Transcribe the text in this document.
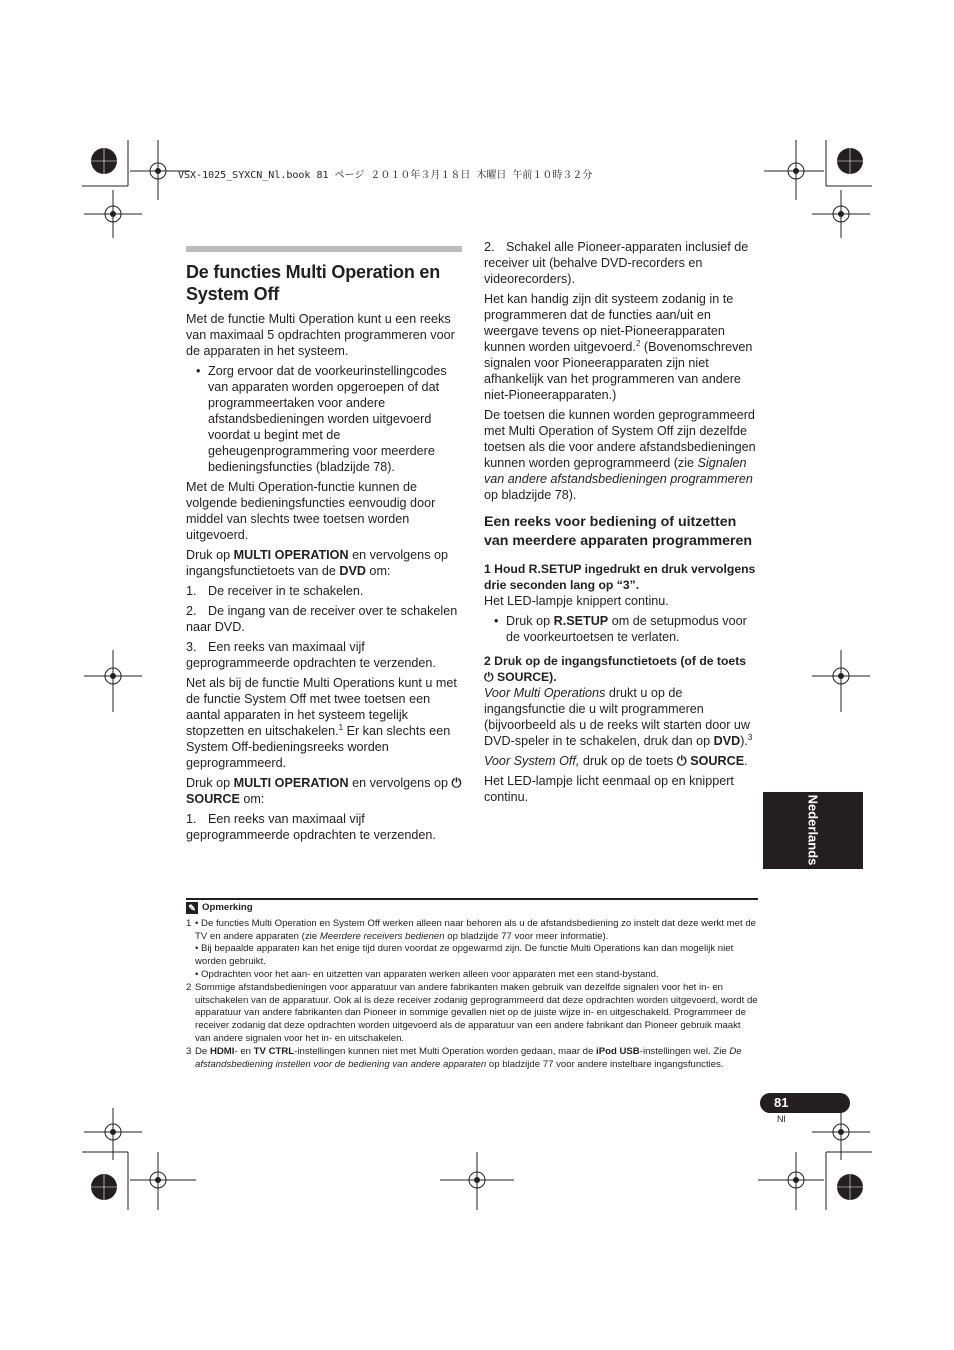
VSX-1025_SYXCN_Nl.book 81 ページ ２０１０年３月１８日 木曜日 午前１０時３２分
De functies Multi Operation en System Off

Met de functie Multi Operation kunt u een reeks van maximaal 5 opdrachten programmeren voor de apparaten in het systeem.

• Zorg ervoor dat de voorkeurinstellingcodes van apparaten worden opgeroepen of dat programmeertaken voor andere afstandsbedieningen worden uitgevoerd voordat u begint met de geheugenprogrammering voor meerdere bedieningsfuncties (bladzijde 78).

Met de Multi Operation-functie kunnen de volgende bedieningsfuncties eenvoudig door middel van slechts twee toetsen worden uitgevoerd.

Druk op MULTI OPERATION en vervolgens op ingangsfunctietoets van de DVD om:

1. De receiver in te schakelen.
2. De ingang van de receiver over te schakelen naar DVD.
3. Een reeks van maximaal vijf geprogrammeerde opdrachten te verzenden.

Net als bij de functie Multi Operations kunt u met de functie System Off met twee toetsen een aantal apparaten in het systeem tegelijk stopzetten en uitschakelen.$^1$ Er kan slechts een System Off-bedieningsreeks worden geprogrammeerd.

Druk op MULTI OPERATION en vervolgens op ⏻ SOURCE om:

1. Een reeks van maximaal vijf geprogrammeerde opdrachten te verzenden.
2. Schakel alle Pioneer-apparaten inclusief de receiver uit (behalve DVD-recorders en videorecorders).

Het kan handig zijn dit systeem zodanig in te programmeren dat de functies aan/uit en weergave tevens op niet-Pioneerapparaten kunnen worden uitgevoerd.$^2$ (Bovenomschreven signalen voor Pioneerapparaten zijn niet afhankelijk van het programmeren van andere niet-Pioneerapparaten.)

De toetsen die kunnen worden geprogrammeerd met Multi Operation of System Off zijn dezelfde toetsen als die voor andere afstandsbedieningen kunnen worden geprogrammeerd (zie Signalen van andere afstandsbedieningen programmeren op bladzijde 78).

Een reeks voor bediening of uitzetten van meerdere apparaten programmeren

1 Houd R.SETUP ingedrukt en druk vervolgens drie seconden lang op “3”.

Het LED-lampje knippert continu.

• Druk op R.SETUP om de setupmodus voor de voorkeurtoetsen te verlaten.

2 Druk op de ingangsfunctietoets (of de toets ⏻ SOURCE).

Voor Multi Operations drukt u op de ingangsfunctie die u wilt programmeren (bijvoorbeeld als u de reeks wilt starten door uw DVD-speler in te schakelen, druk dan op DVD).$^3$

Voor System Off, druk op de toets ⏻ SOURCE.

Het LED-lampje licht eenmaal op en knippert continu.	Nederlands
✎ Opmerking

1 • De functies Multi Operation en System Off werken alleen naar behoren als u de afstandsbediening zo instelt dat deze werkt met de TV en andere apparaten (zie Meerdere receivers bedienen op bladzijde 77 voor meer informatie).

• Bij bepaalde apparaten kan het enige tijd duren voordat ze opgewarmd zijn. De functie Multi Operations kan dan mogelijk niet worden gebruikt.

• Opdrachten voor het aan- en uitzetten van apparaten werken alleen voor apparaten met een stand-bystand.

2 Sommige afstandsbedieningen voor apparatuur van andere fabrikanten maken gebruik van dezelfde signalen voor het in- en uitschakelen van de apparatuur. Ook al is deze receiver zodanig geprogrammeerd dat deze opdrachten worden uitgevoerd, wordt de apparatuur van andere fabrikanten dan Pioneer in sommige gevallen niet op de juiste wijze in- en uitgeschakeld. Programmeer de receiver zodanig dat deze opdrachten worden uitgevoerd als de apparatuur van een andere fabrikant dan Pioneer gebruik maakt van andere signalen voor het in- en uitschakelen.

3 De HDMI- en TV CTRL-instellingen kunnen niet met Multi Operation worden gedaan, maar de iPod USB-instellingen wel. Zie De afstandsbediening instellen voor de bediening van andere apparaten op bladzijde 77 voor andere instelbare ingangsfuncties.

81
Nl
